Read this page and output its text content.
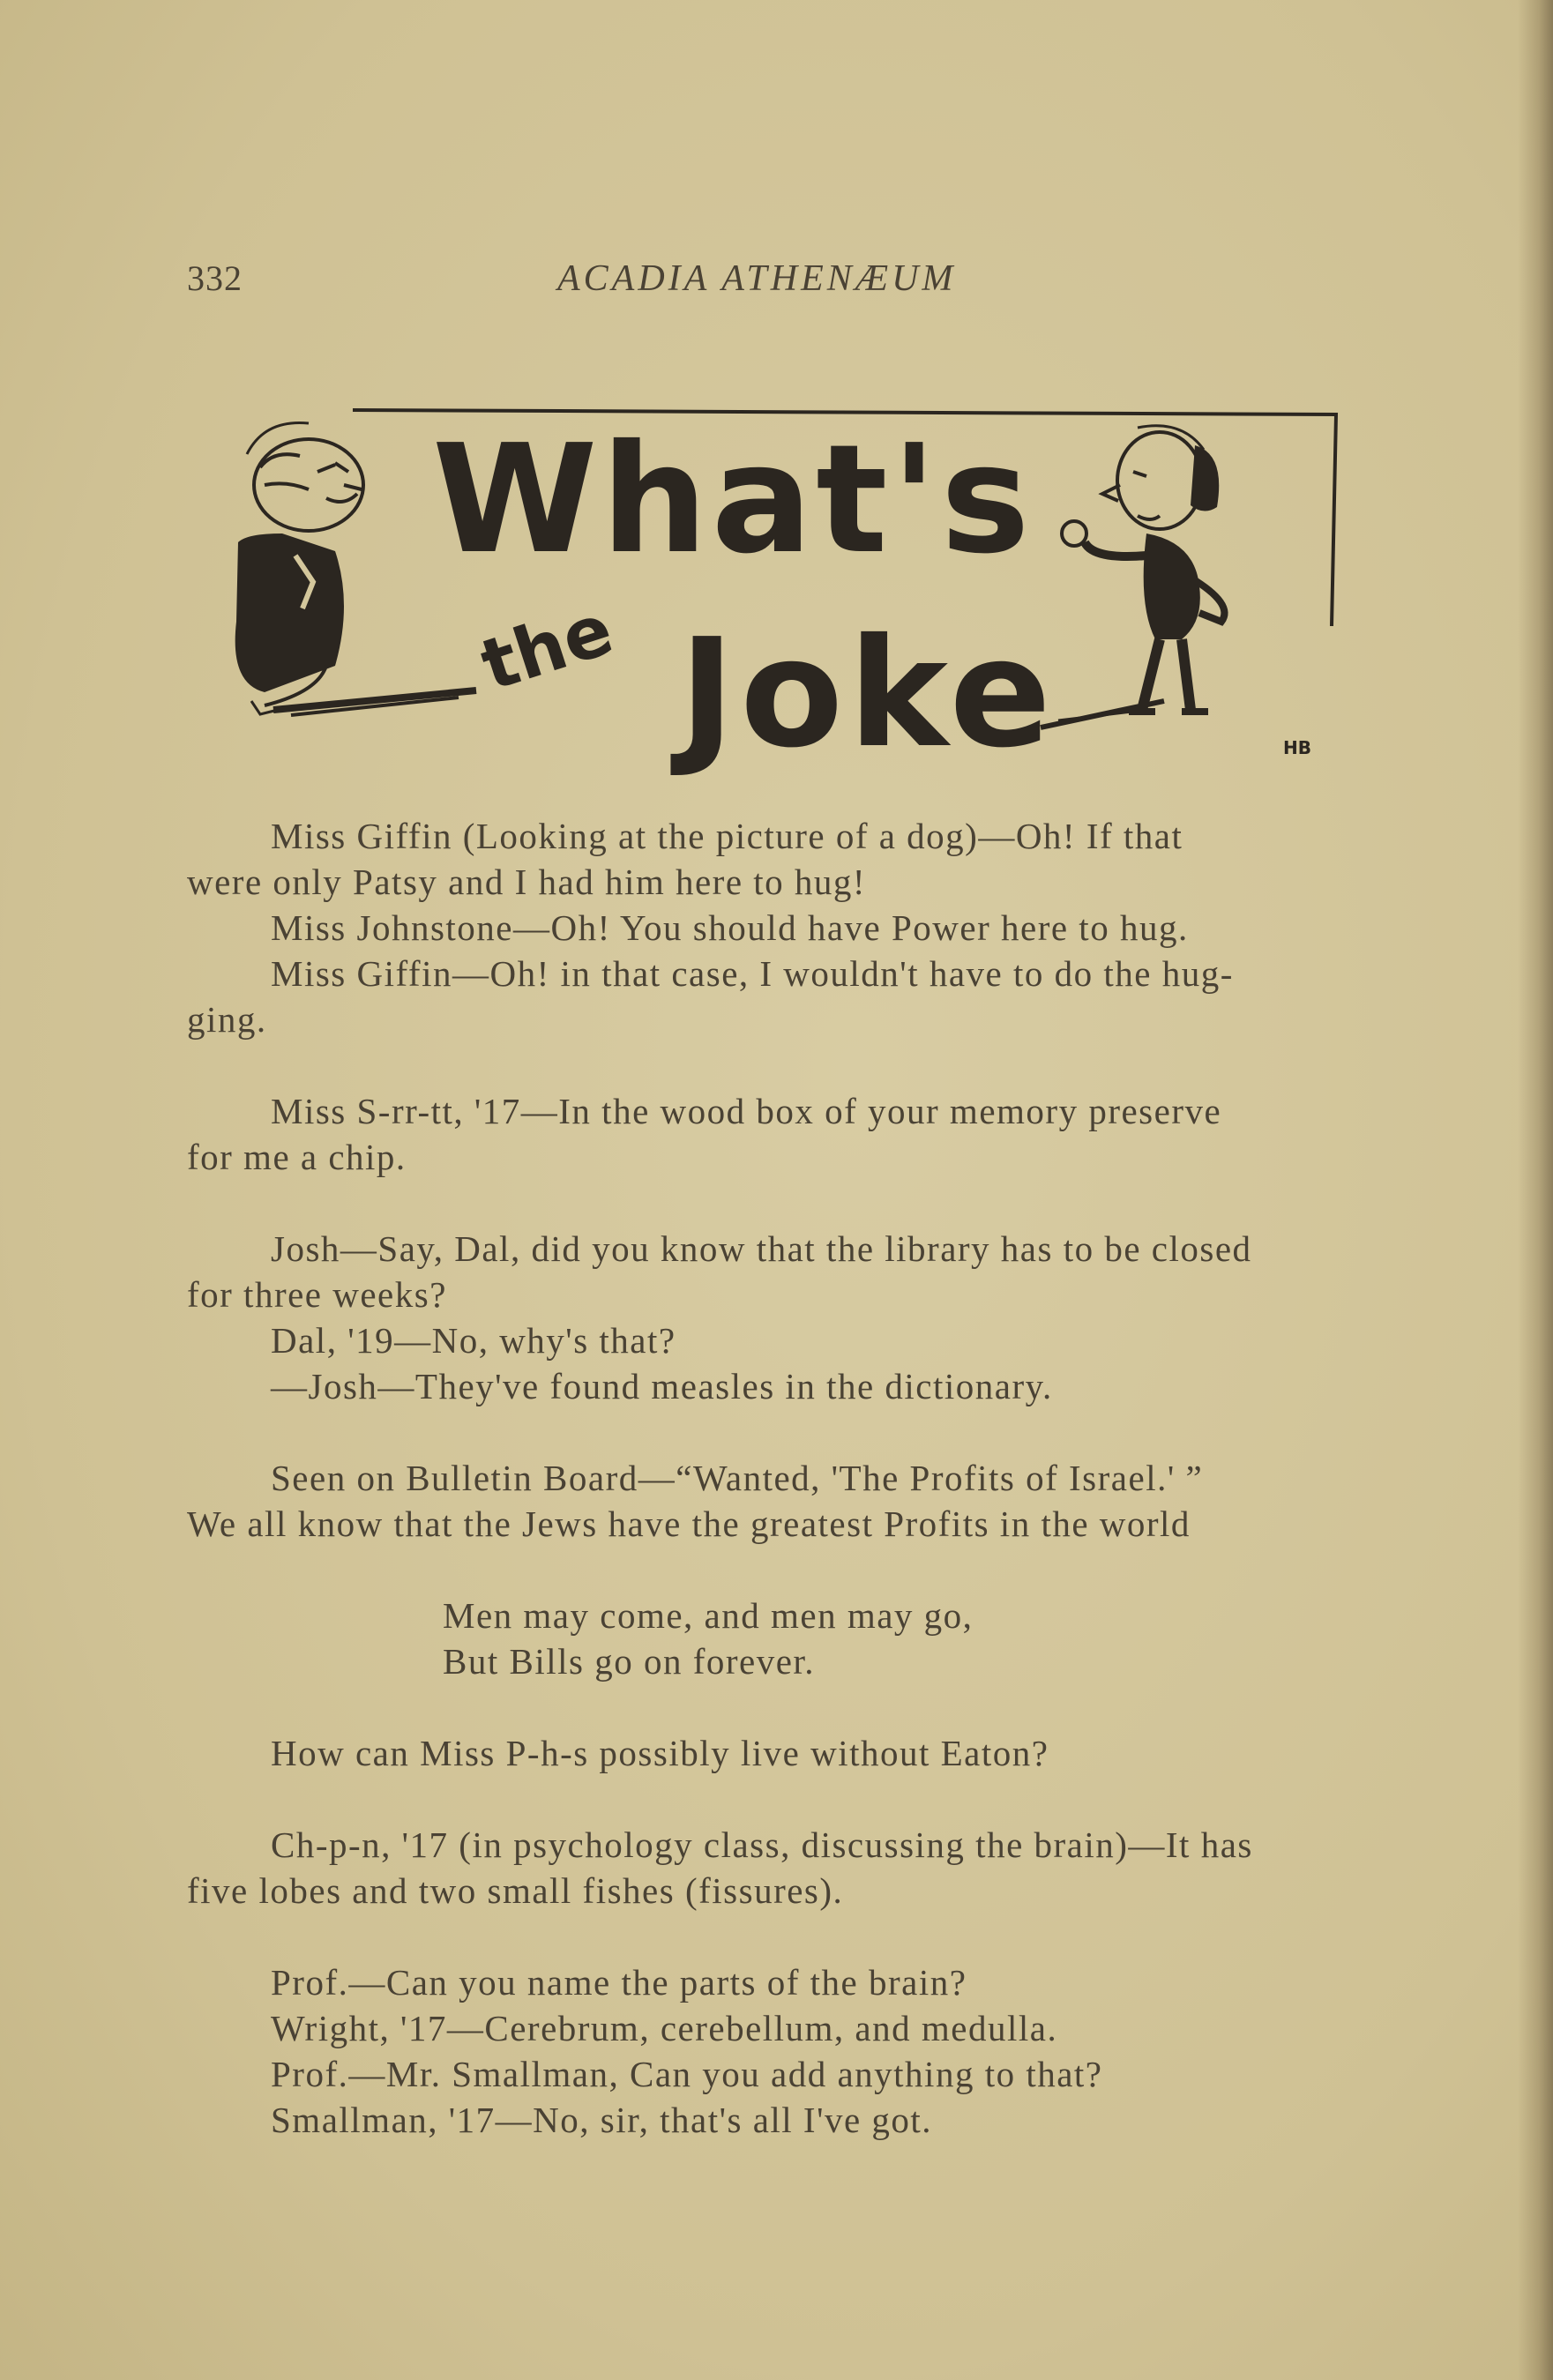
332	ACADIA ATHENÆUM
What's
the Joke	HB
Miss Giffin (Looking at the picture of a dog)—Oh! If that
were only Patsy and I had him here to hug!
Miss Johnstone—Oh! You should have Power here to hug.
Miss Giffin—Oh! in that case, I wouldn't have to do the hug-
ging.
Miss S-rr-tt, '17—In the wood box of your memory preserve
for me a chip.
Josh—Say, Dal, did you know that the library has to be closed
for three weeks?
Dal, '19—No, why's that?
—Josh—They've found measles in the dictionary.
Seen on Bulletin Board—“Wanted, 'The Profits of Israel.' ”
We all know that the Jews have the greatest Profits in the world
Men may come, and men may go,
But Bills go on forever.
How can Miss P-h-s possibly live without Eaton?
Ch-p-n, '17 (in psychology class, discussing the brain)—It has
five lobes and two small fishes (fissures).
Prof.—Can you name the parts of the brain?
Wright, '17—Cerebrum, cerebellum, and medulla.
Prof.—Mr. Smallman, Can you add anything to that?
Smallman, '17—No, sir, that's all I've got.
